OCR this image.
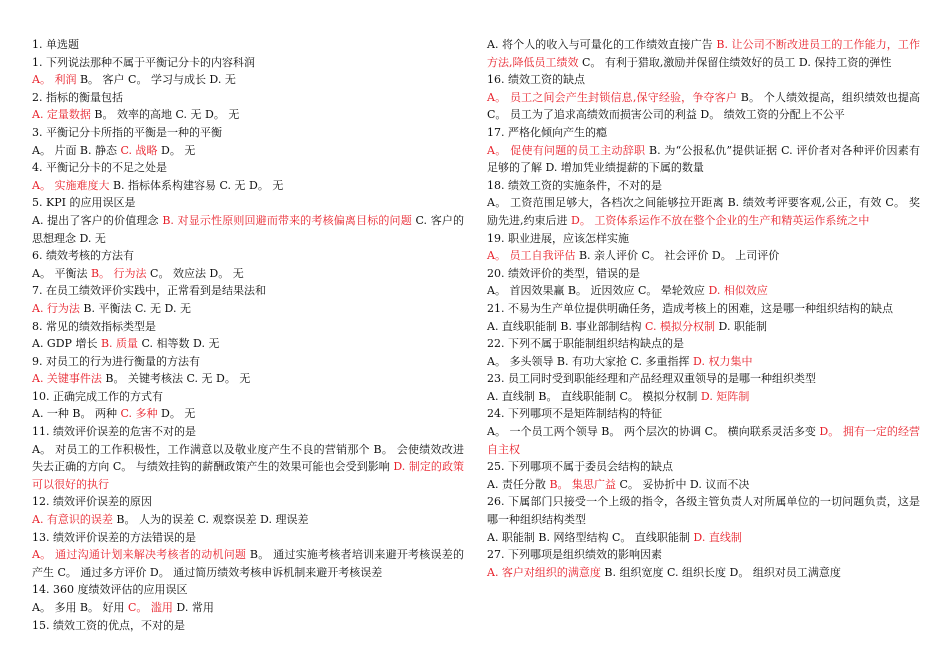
1. 单选题
1. 下列说法那种不属于平衡记分卡的内容科润
A。 利润 B。 客户 C。 学习与成长 D. 无
2. 指标的衡量包括
A. 定量数据 B。 效率的高地 C. 无 D。 无
3. 平衡记分卡所指的平衡是一种的平衡
A。 片面 B. 静态 C. 战略 D。 无
4. 平衡记分卡的不足之处是
A。 实施难度大 B. 指标体系构建容易 C. 无 D。 无
5. KPI 的应用误区是
A. 提出了客户的价值理念 B. 对显示性原则回避而带来的考核偏离目标的问题 C. 客户的思想理念 D. 无
6. 绩效考核的方法有
A。 平衡法 B。 行为法 C。 效应法 D。 无
7. 在员工绩效评价实践中，正常看到是结果法和
A. 行为法 B. 平衡法 C. 无 D. 无
8. 常见的绩效指标类型是
A. GDP 增长 B. 质量 C. 相等数 D. 无
9. 对员工的行为进行衡量的方法有
A. 关键事件法 B。 关键考核法 C. 无 D。 无
10. 正确完成工作的方式有
A. 一种 B。 两种 C. 多种 D。 无
11. 绩效评价误差的危害不对的是
A。 对员工的工作积极性，工作满意以及敬业度产生不良的营销那个 B。 会使绩效改进失去正确的方向 C。 与绩效挂钩的薪酬政策产生的效果可能也会受到影响 D. 制定的政策可以很好的执行
12. 绩效评价误差的原因
A. 有意识的误差 B。 人为的误差 C. 观察误差 D. 理误差
13. 绩效评价误差的方法错误的是
A。 通过沟通计划来解决考核者的动机问题 B。 通过实施考核者培训来避开考核误差的产生 C。 通过多方评价 D。 通过简历绩效考核申诉机制来避开考核误差
14. 360 度绩效评估的应用误区
A。 多用 B。 好用 C。 滥用 D. 常用
15. 绩效工资的优点，不对的是
A. 将个人的收入与可量化的工作绩效直接广告 B. 让公司不断改进员工的工作能力，工作方法,降低员工绩效 C。 有利于猎取,激励并保留住绩效好的员工 D. 保持工资的弹性
16. 绩效工资的缺点
A。 员工之间会产生封锁信息,保守经验，争夺客户 B。 个人绩效提高，组织绩效也提高 C。 员工为了追求高绩效而损害公司的利益 D。 绩效工资的分配上不公平
17. 严格化倾向产生的瘾
A。 促使有问题的员工主动辞职 B. 为“公报私仇”提供证据 C. 评价者对各种评价因素有足够的了解 D. 增加凭业绩提薪的下属的数量
18. 绩效工资的实施条件，不对的是
A。 工资范围足够大，各档次之间能够拉开距离 B. 绩效考评要客观,公正，有效 C。 奖励先进,约束后进 D。 工资体系运作不放在整个企业的生产和精英运作系统之中
19. 职业进展，应该怎样实施
A。 员工自我评估 B. 亲人评价 C。 社会评价 D。 上司评价
20. 绩效评价的类型，错误的是
A。 首因效果赢 B。 近因效应 C。 晕轮效应 D. 相似效应
21. 不易为生产单位提供明确任务，造成考核上的困难，这是哪一种组织结构的缺点
A. 直线职能制 B. 事业部制结构 C. 模拟分权制 D. 职能制
22. 下列不属于职能制组织结构缺点的是
A。 多头领导 B. 有功大家抢 C. 多重指挥 D. 权力集中
23. 员工同时受到职能经理和产品经理双重领导的是哪一种组织类型
A. 直线制 B。 直线职能制 C。 模拟分权制 D. 矩阵制
24. 下列哪项不是矩阵制结构的特征
A。 一个员工两个领导 B。 两个层次的协调 C。 横向联系灵活多变 D。 拥有一定的经营自主权
25. 下列哪项不属于委员会结构的缺点
A. 责任分散 B。 集思广益 C。 妥协折中 D. 议而不决
26. 下属部门只接受一个上级的指令，各级主管负责人对所属单位的一切问题负责，这是哪一种组织结构类型
A. 职能制 B. 网络型结构 C。 直线职能制 D. 直线制
27. 下列哪项是组织绩效的影响因素
A. 客户对组织的满意度 B. 组织宽度 C. 组织长度 D。 组织对员工满意度
